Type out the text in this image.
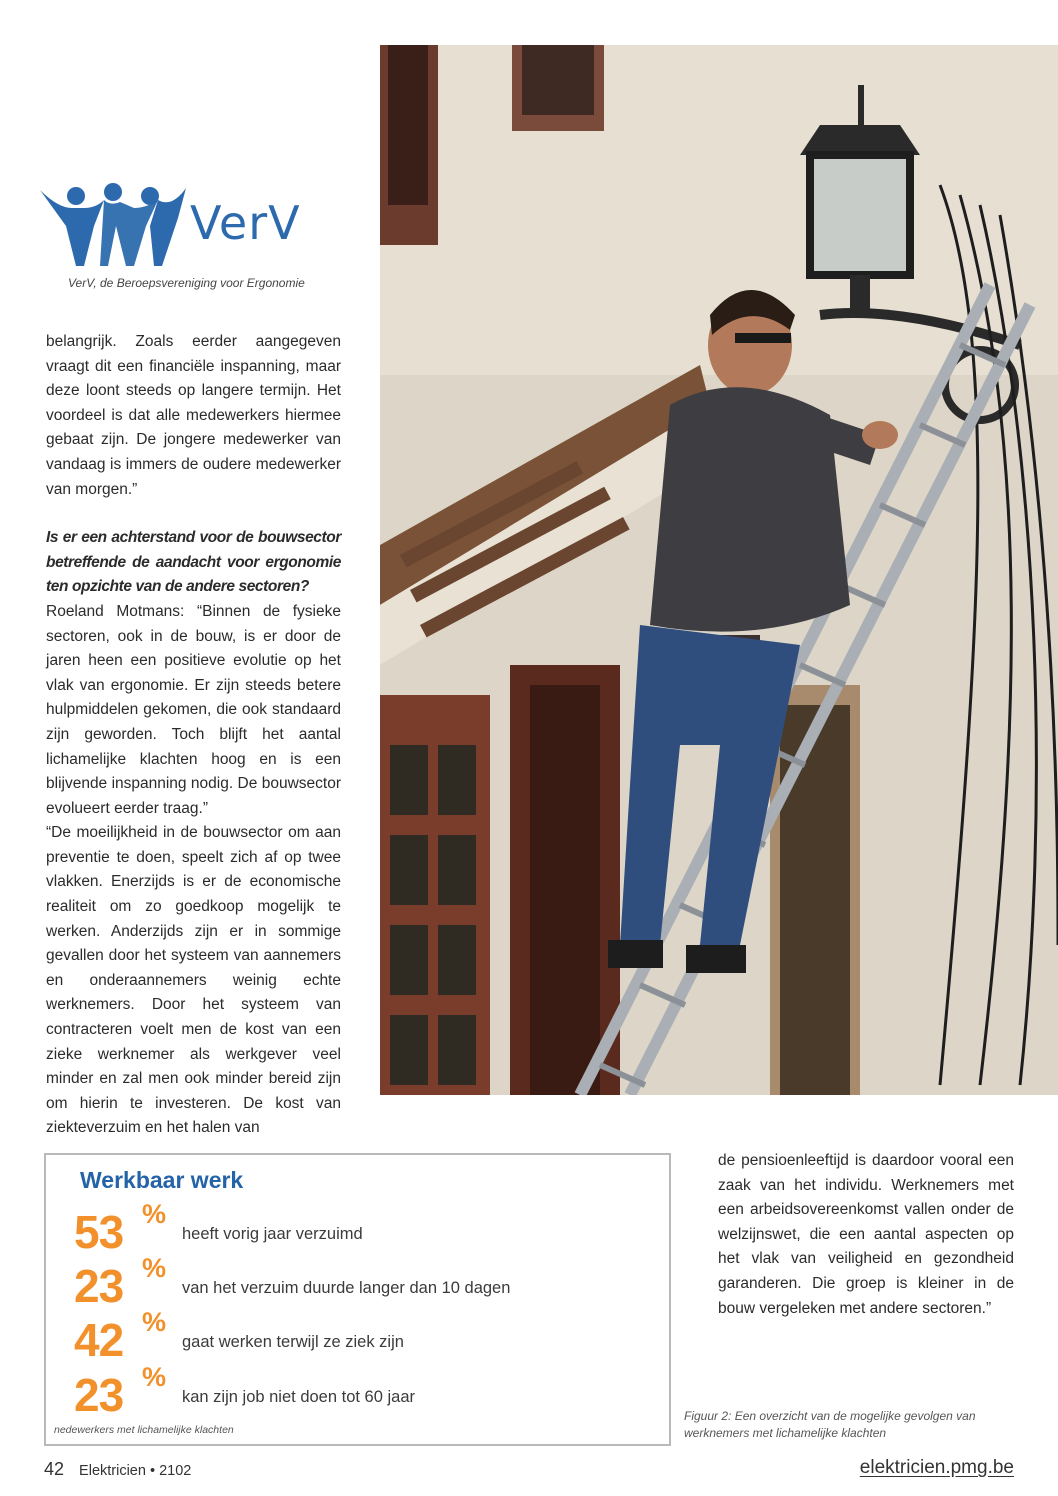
VerV
VerV, de Beroepsvereniging voor Ergonomie

belangrijk. Zoals eerder aangegeven vraagt dit een financiële inspanning, maar deze loont steeds op langere termijn. Het voordeel is dat alle medewerkers hiermee gebaat zijn. De jongere medewerker van vandaag is immers de oudere medewerker van morgen.”

Is er een achterstand voor de bouwsector betreffende de aandacht voor ergonomie ten opzichte van de andere sectoren?

Roeland Motmans: “Binnen de fysieke sectoren, ook in de bouw, is er door de jaren heen een positieve evolutie op het vlak van ergonomie. Er zijn steeds betere hulpmiddelen gekomen, die ook standaard zijn geworden. Toch blijft het aantal lichamelijke klachten hoog en is een blijvende inspanning nodig. De bouwsector evolueert eerder traag.”

“De moeilijkheid in de bouwsector om aan preventie te doen, speelt zich af op twee vlakken. Enerzijds is er de economische realiteit om zo goedkoop mogelijk te werken. Anderzijds zijn er in sommige gevallen door het systeem van aannemers en onderaannemers weinig echte werknemers. Door het systeem van contracteren voelt men de kost van een zieke werknemer als werkgever veel minder en zal men ook minder bereid zijn om hierin te investeren. De kost van ziekteverzuim en het halen van

Werkbaar werk
53 %
heeft vorig jaar verzuimd
23 %
van het verzuim duurde langer dan 10 dagen
42 %
gaat werken terwijl ze ziek zijn
23 %
kan zijn job niet doen tot 60 jaar
nedewerkers met lichamelijke klachten

de pensioenleeftijd is daardoor vooral een zaak van het individu. Werknemers met een arbeidsovereenkomst vallen onder de welzijnswet, die een aantal aspecten op het vlak van veiligheid en gezondheid garanderen. Die groep is kleiner in de bouw vergeleken met andere sectoren.”

Figuur 2: Een overzicht van de mogelijke gevolgen van werknemers met lichamelijke klachten
42 Elektricien • 2102	elektricien.pmg.be
